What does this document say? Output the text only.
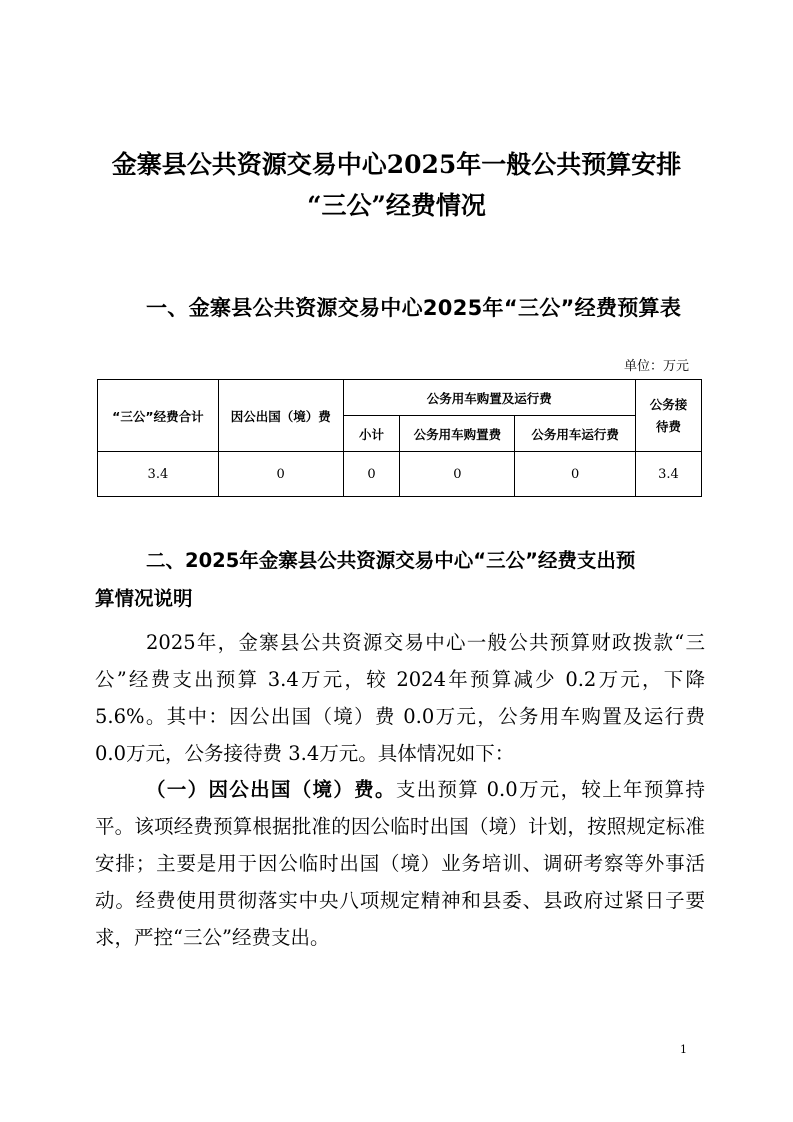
金寨县公共资源交易中心2025年一般公共预算安排
“三公”经费情况
一、金寨县公共资源交易中心2025年“三公”经费预算表
单位：万元
“三公”经费合计	因公出国（境）费	公务用车购置及运行费			公务接待费
		小计	公务用车购置费	公务用车运行费	
3.4	0	0	0	0	3.4
二、2025年金寨县公共资源交易中心“三公”经费支出预
算情况说明

2025年，金寨县公共资源交易中心一般公共预算财政拨款“三公”经费支出预算 3.4万元，较 2024年预算减少 0.2万元，下降 5.6%。其中：因公出国（境）费 0.0万元，公务用车购置及运行费 0.0万元，公务接待费 3.4万元。具体情况如下：

（一）因公出国（境）费。支出预算 0.0万元，较上年预算持平。该项经费预算根据批准的因公临时出国（境）计划，按照规定标准安排；主要是用于因公临时出国（境）业务培训、调研考察等外事活动。经费使用贯彻落实中央八项规定精神和县委、县政府过紧日子要求，严控“三公”经费支出。

1
